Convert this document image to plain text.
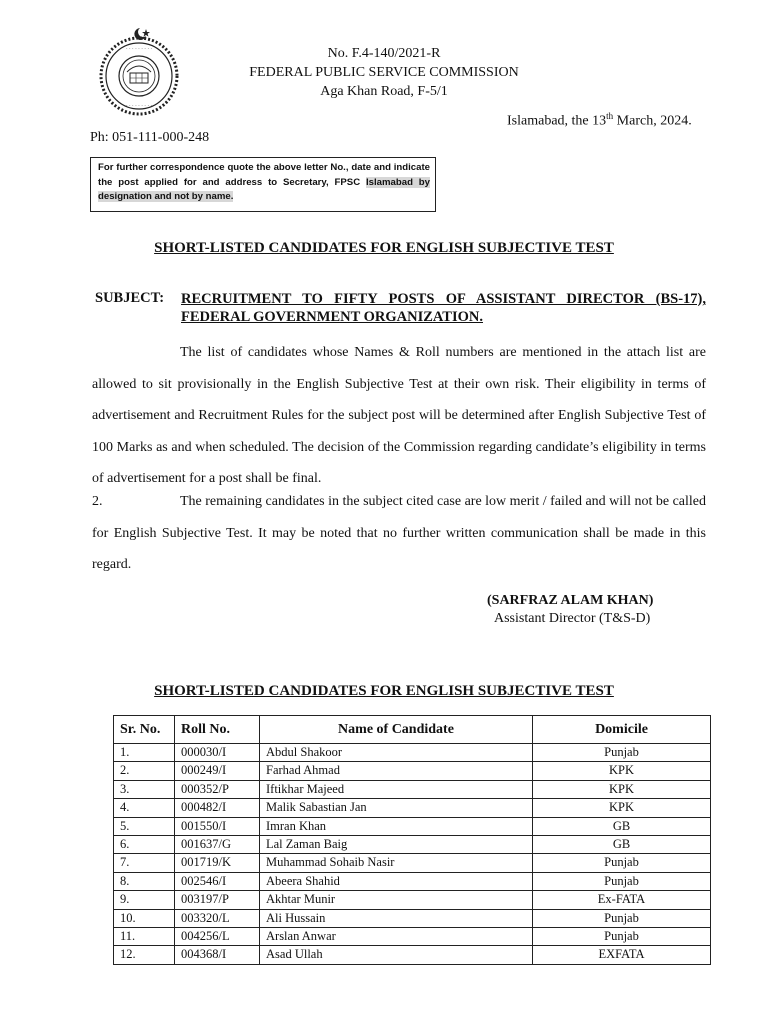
· · · · · · · · ·
· · · · · · · · ·
No. F.4-140/2021-R
FEDERAL PUBLIC SERVICE COMMISSION
Aga Khan Road, F-5/1
Islamabad, the 13th March, 2024.
Ph: 051-111-000-248
For further correspondence quote the above letter No., date and indicate the post applied for and address to Secretary, FPSC Islamabad by designation and not by name.
SHORT-LISTED CANDIDATES FOR ENGLISH SUBJECTIVE TEST
SUBJECT: RECRUITMENT TO FIFTY POSTS OF ASSISTANT DIRECTOR (BS-17), FEDERAL GOVERNMENT ORGANIZATION.
The list of candidates whose Names & Roll numbers are mentioned in the attach list are allowed to sit provisionally in the English Subjective Test at their own risk. Their eligibility in terms of advertisement and Recruitment Rules for the subject post will be determined after English Subjective Test of 100 Marks as and when scheduled. The decision of the Commission regarding candidate’s eligibility in terms of advertisement for a post shall be final.
2.	The remaining candidates in the subject cited case are low merit / failed and will not be called for English Subjective Test. It may be noted that no further written communication shall be made in this regard.
(SARFRAZ ALAM KHAN)
Assistant Director (T&S-D)
SHORT-LISTED CANDIDATES FOR ENGLISH SUBJECTIVE TEST
Sr. No.	Roll No.	Name of Candidate	Domicile
1.	000030/I	Abdul Shakoor	Punjab
2.	000249/I	Farhad Ahmad	KPK
3.	000352/P	Iftikhar Majeed	KPK
4.	000482/I	Malik Sabastian Jan	KPK
5.	001550/I	Imran Khan	GB
6.	001637/G	Lal Zaman Baig	GB
7.	001719/K	Muhammad Sohaib Nasir	Punjab
8.	002546/I	Abeera Shahid	Punjab
9.	003197/P	Akhtar Munir	Ex-FATA
10.	003320/L	Ali Hussain	Punjab
11.	004256/L	Arslan Anwar	Punjab
12.	004368/I	Asad Ullah	EXFATA
